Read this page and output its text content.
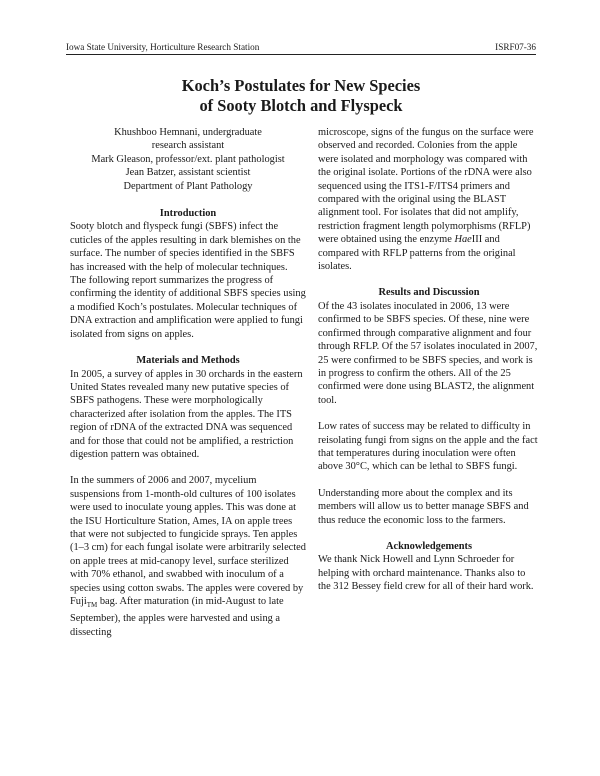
Iowa State University, Horticulture Research Station	ISRF07-36
Koch’s Postulates for New Species
of Sooty Blotch and Flyspeck
Khushboo Hemnani, undergraduate
research assistant
Mark Gleason, professor/ext. plant pathologist
Jean Batzer, assistant scientist
Department of Plant Pathology
Introduction

Sooty blotch and flyspeck fungi (SBFS) infect the cuticles of the apples resulting in dark blemishes on the surface. The number of species identified in the SBFS has increased with the help of molecular techniques. The following report summarizes the progress of confirming the identity of additional SBFS species using a modified Koch’s postulates. Molecular techniques of DNA extraction and amplification were applied to fungi isolated from signs on apples.

Materials and Methods

In 2005, a survey of apples in 30 orchards in the eastern United States revealed many new putative species of SBFS pathogens. These were morphologically characterized after isolation from the apples. The ITS region of rDNA of the extracted DNA was sequenced and for those that could not be amplified, a restriction digestion pattern was obtained.

In the summers of 2006 and 2007, mycelium suspensions from 1-month-old cultures of 100 isolates were used to inoculate young apples. This was done at the ISU Horticulture Station, Ames, IA on apple trees that were not subjected to fungicide sprays. Ten apples (1–3 cm) for each fungal isolate were arbitrarily selected on apple trees at mid-canopy level, surface sterilized with 70% ethanol, and swabbed with inoculum of a species using cotton swabs. The apples were covered by Fuji$_{TM}$ bag. After maturation (in mid-August to late September), the apples were harvested and using a dissecting

microscope, signs of the fungus on the surface were observed and recorded. Colonies from the apple were isolated and morphology was compared with the original isolate. Portions of the rDNA were also sequenced using the ITS1-F/ITS4 primers and compared with the original using the BLAST alignment tool. For isolates that did not amplify, restriction fragment length polymorphisms (RFLP) were obtained using the enzyme HaeIII and compared with RFLP patterns from the original isolates.

Results and Discussion

Of the 43 isolates inoculated in 2006, 13 were confirmed to be SBFS species. Of these, nine were confirmed through comparative alignment and four through RFLP. Of the 57 isolates inoculated in 2007, 25 were confirmed to be SBFS species, and work is in progress to confirm the others. All of the 25 confirmed were done using BLAST2, the alignment tool.

Low rates of success may be related to difficulty in reisolating fungi from signs on the apple and the fact that temperatures during inoculation were often above 30°C, which can be lethal to SBFS fungi.

Understanding more about the complex and its members will allow us to better manage SBFS and thus reduce the economic loss to the farmers.

Acknowledgements

We thank Nick Howell and Lynn Schroeder for helping with orchard maintenance. Thanks also to the 312 Bessey field crew for all of their hard work.
